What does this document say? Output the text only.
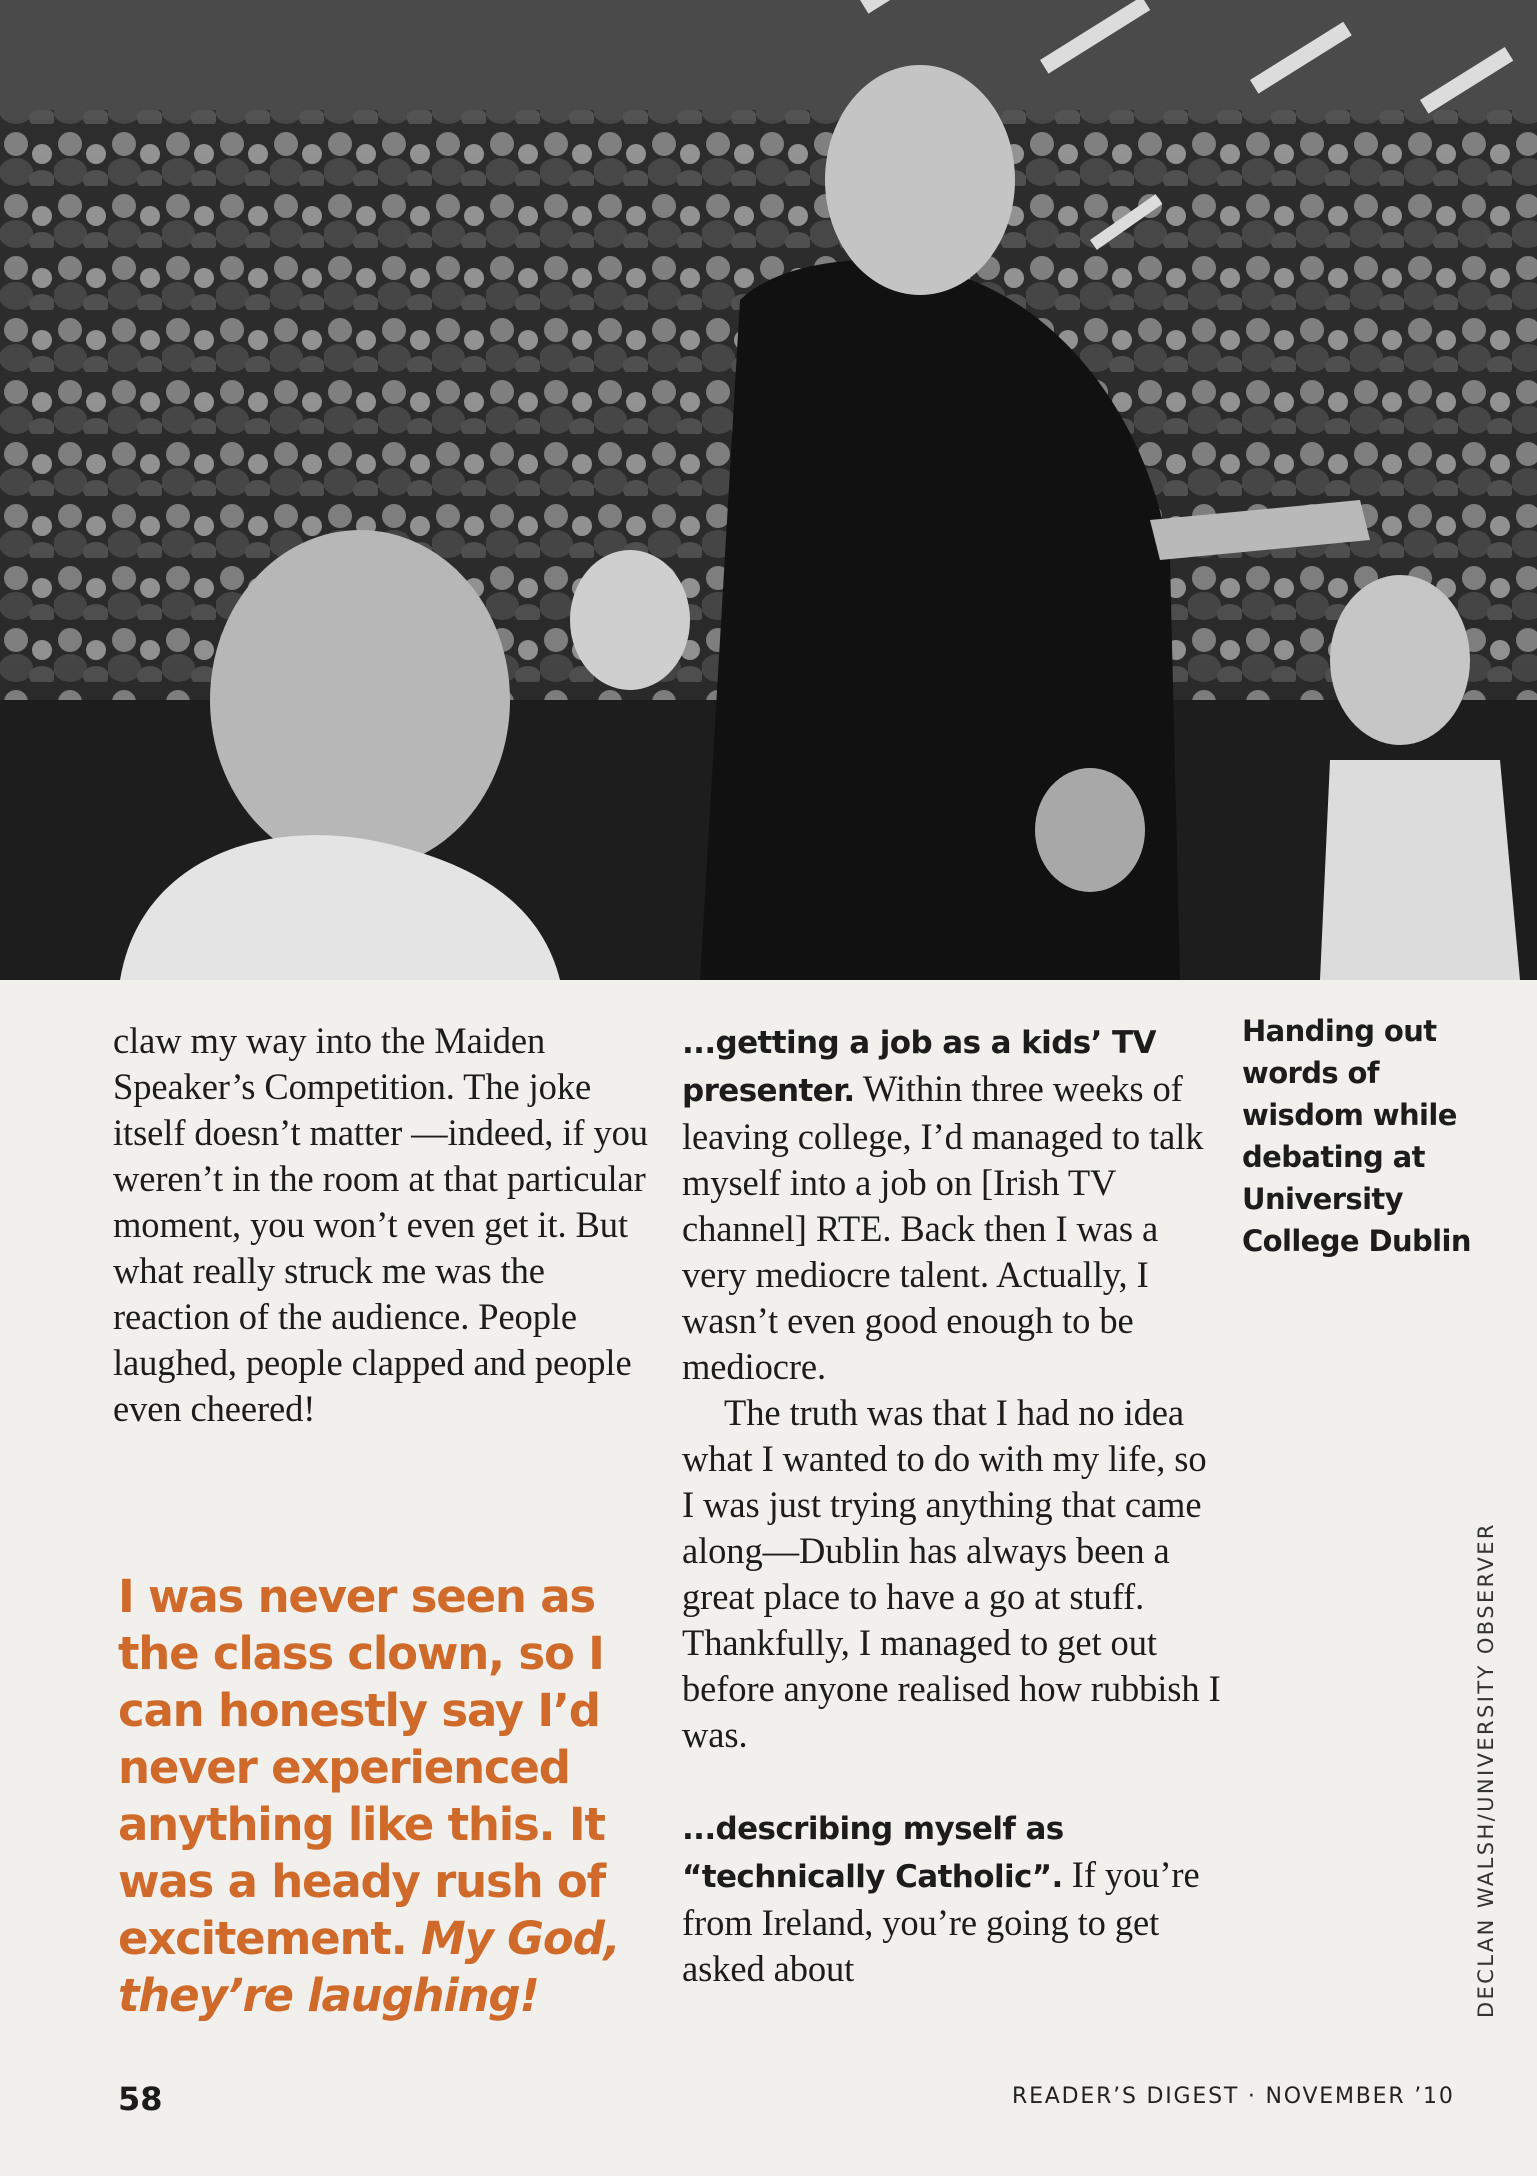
claw my way into the Maiden Speaker’s Competition. The joke itself doesn’t matter —indeed, if you weren’t in the room at that particular moment, you won’t even get it. But what really struck me was the reaction of the audience. People laughed, people clapped and people even cheered!

I was never seen as the class clown, so I can honestly say I’d never experienced anything like this. It was a heady rush of excitement. My God, they’re laughing!

...getting a job as a kids’ TV presenter. Within three weeks of leaving college, I’d managed to talk myself into a job on [Irish TV channel] RTE. Back then I was a very mediocre talent. Actually, I wasn’t even good enough to be mediocre.

The truth was that I had no idea what I wanted to do with my life, so I was just trying anything that came along—Dublin has always been a great place to have a go at stuff. Thankfully, I managed to get out before anyone realised how rubbish I was.

...describing myself as “technically Catholic”. If you’re from Ireland, you’re going to get asked about

Handing out words of wisdom while debating at University College Dublin
DECLAN WALSH/UNIVERSITY OBSERVER
58	READER’S DIGEST · NOVEMBER ’10
